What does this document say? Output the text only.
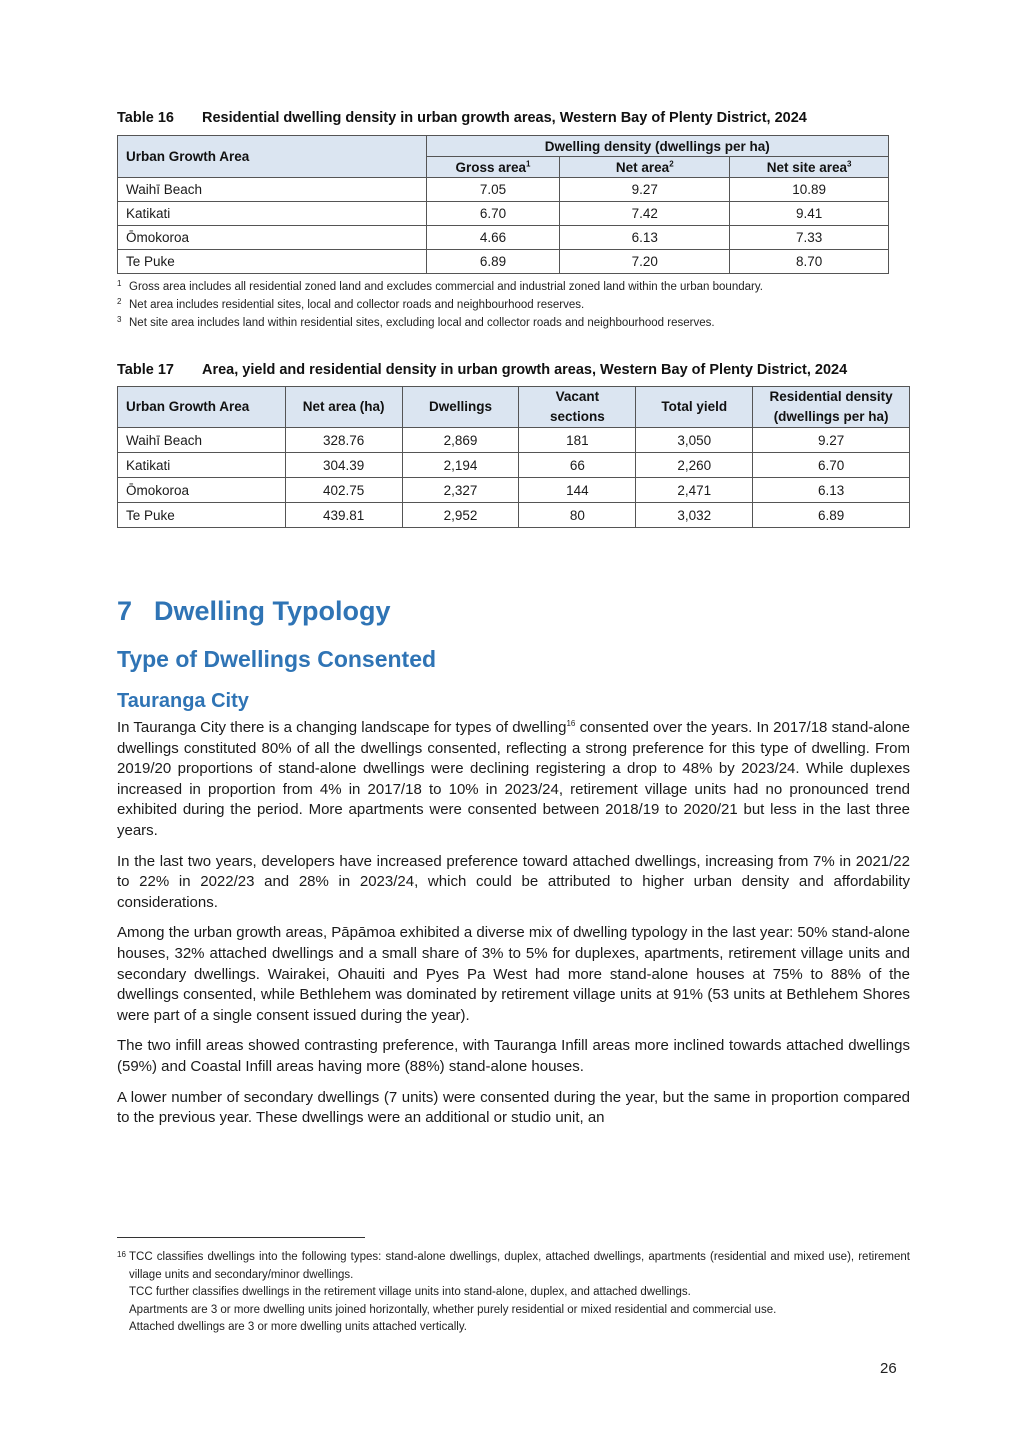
Table 16	Residential dwelling density in urban growth areas, Western Bay of Plenty District, 2024
Urban Growth Area	Dwelling density (dwellings per ha)		
	Gross area$^1$	Net area$^2$	Net site area$^3$
Waihī Beach	7.05	9.27	10.89
Katikati	6.70	7.42	9.41
Ōmokoroa	4.66	6.13	7.33
Te Puke	6.89	7.20	8.70
1 Gross area includes all residential zoned land and excludes commercial and industrial zoned land within the urban boundary.
2 Net area includes residential sites, local and collector roads and neighbourhood reserves.
3 Net site area includes land within residential sites, excluding local and collector roads and neighbourhood reserves.
Table 17	Area, yield and residential density in urban growth areas, Western Bay of Plenty District, 2024
Urban Growth Area	Net area (ha)	Dwellings	Vacant sections	Total yield	Residential density (dwellings per ha)
Waihī Beach	328.76	2,869	181	3,050	9.27
Katikati	304.39	2,194	66	2,260	6.70
Ōmokoroa	402.75	2,327	144	2,471	6.13
Te Puke	439.81	2,952	80	3,032	6.89
7 Dwelling Typology
Type of Dwellings Consented
Tauranga City

In Tauranga City there is a changing landscape for types of dwelling$^{16}$ consented over the years. In 2017/18 stand-alone dwellings constituted 80% of all the dwellings consented, reflecting a strong preference for this type of dwelling. From 2019/20 proportions of stand-alone dwellings were declining registering a drop to 48% by 2023/24. While duplexes increased in proportion from 4% in 2017/18 to 10% in 2023/24, retirement village units had no pronounced trend exhibited during the period. More apartments were consented between 2018/19 to 2020/21 but less in the last three years.

In the last two years, developers have increased preference toward attached dwellings, increasing from 7% in 2021/22 to 22% in 2022/23 and 28% in 2023/24, which could be attributed to higher urban density and affordability considerations.

Among the urban growth areas, Pāpāmoa exhibited a diverse mix of dwelling typology in the last year: 50% stand-alone houses, 32% attached dwellings and a small share of 3% to 5% for duplexes, apartments, retirement village units and secondary dwellings. Wairakei, Ohauiti and Pyes Pa West had more stand-alone houses at 75% to 88% of the dwellings consented, while Bethlehem was dominated by retirement village units at 91% (53 units at Bethlehem Shores were part of a single consent issued during the year).

The two infill areas showed contrasting preference, with Tauranga Infill areas more inclined towards attached dwellings (59%) and Coastal Infill areas having more (88%) stand-alone houses.

A lower number of secondary dwellings (7 units) were consented during the year, but the same in proportion compared to the previous year. These dwellings were an additional or studio unit, an

16 TCC classifies dwellings into the following types: stand-alone dwellings, duplex, attached dwellings, apartments (residential and mixed use), retirement village units and secondary/minor dwellings.
TCC further classifies dwellings in the retirement village units into stand-alone, duplex, and attached dwellings.
Apartments are 3 or more dwelling units joined horizontally, whether purely residential or mixed residential and commercial use.
Attached dwellings are 3 or more dwelling units attached vertically.
26
